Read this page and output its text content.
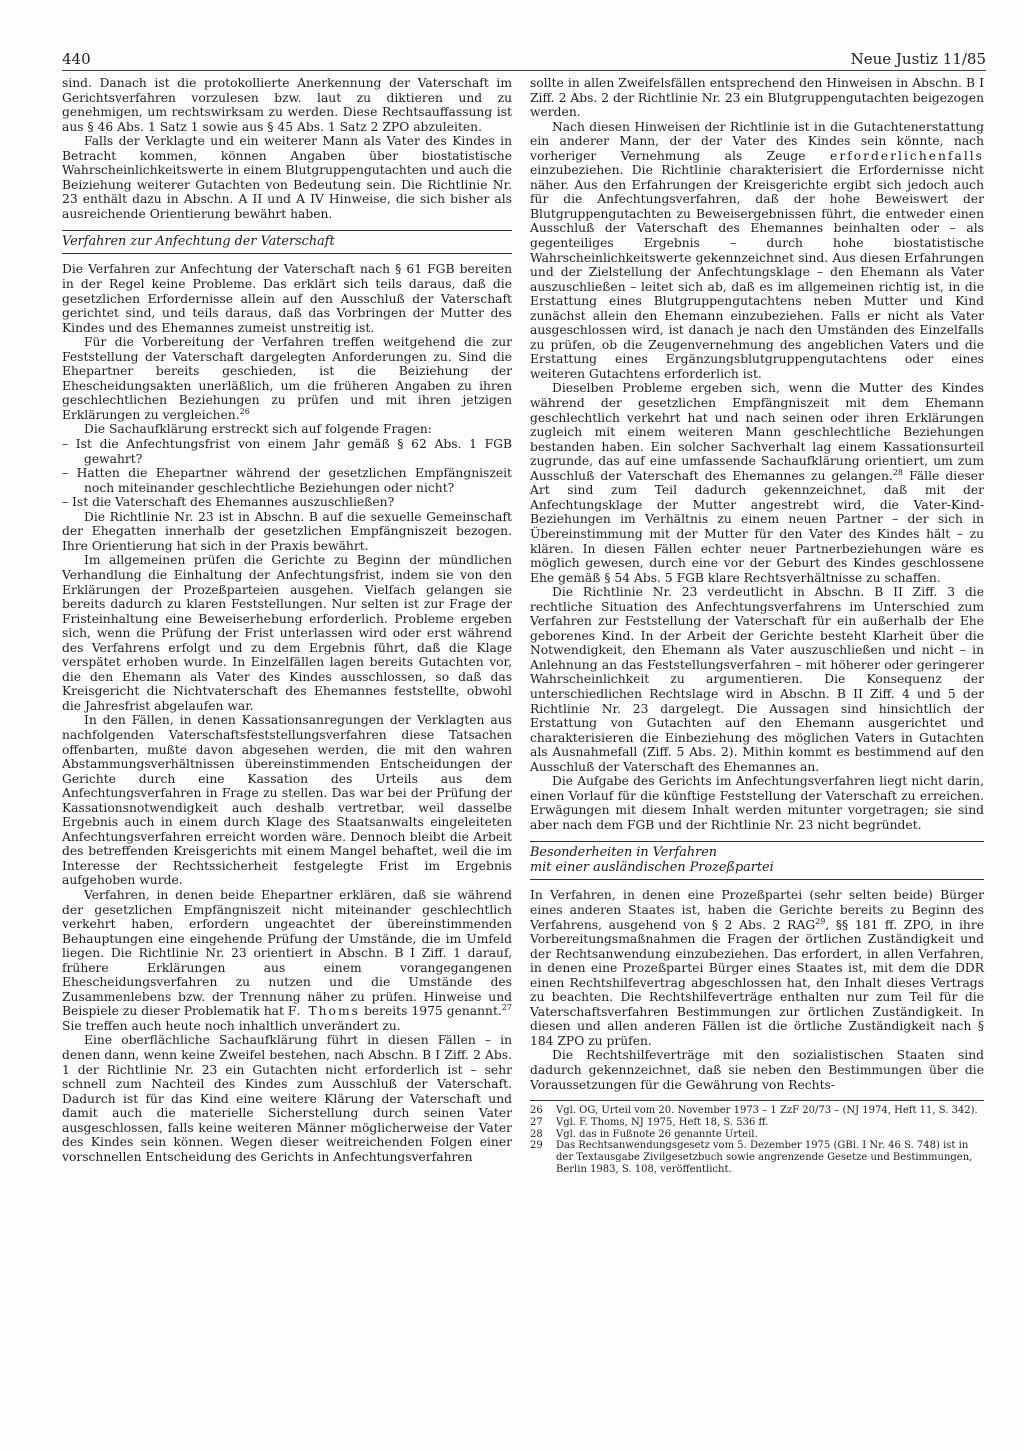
440	Neue Justiz 11/85

sind. Danach ist die protokollierte Anerkennung der Vaterschaft im Gerichtsverfahren vorzulesen bzw. laut zu diktieren und zu genehmigen, um rechtswirksam zu werden. Diese Rechtsauffassung ist aus § 46 Abs. 1 Satz 1 sowie aus § 45 Abs. 1 Satz 2 ZPO abzuleiten.

Falls der Verklagte und ein weiterer Mann als Vater des Kindes in Betracht kommen, können Angaben über biostatistische Wahrscheinlichkeitswerte in einem Blutgruppengutachten und auch die Beiziehung weiterer Gutachten von Bedeutung sein. Die Richtlinie Nr. 23 enthält dazu in Abschn. A II und A IV Hinweise, die sich bisher als ausreichende Orientierung bewährt haben.

Verfahren zur Anfechtung der Vaterschaft

Die Verfahren zur Anfechtung der Vaterschaft nach § 61 FGB bereiten in der Regel keine Probleme. Das erklärt sich teils daraus, daß die gesetzlichen Erfordernisse allein auf den Ausschluß der Vaterschaft gerichtet sind, und teils daraus, daß das Vorbringen der Mutter des Kindes und des Ehemannes zumeist unstreitig ist.

Für die Vorbereitung der Verfahren treffen weitgehend die zur Feststellung der Vaterschaft dargelegten Anforderungen zu. Sind die Ehepartner bereits geschieden, ist die Beiziehung der Ehescheidungsakten unerläßlich, um die früheren Angaben zu ihren geschlechtlichen Beziehungen zu prüfen und mit ihren jetzigen Erklärungen zu vergleichen.$^{26}$

Die Sachaufklärung erstreckt sich auf folgende Fragen:

– Ist die Anfechtungsfrist von einem Jahr gemäß § 62 Abs. 1 FGB gewahrt?

– Hatten die Ehepartner während der gesetzlichen Empfängniszeit noch miteinander geschlechtliche Beziehungen oder nicht?

– Ist die Vaterschaft des Ehemannes auszuschließen?

Die Richtlinie Nr. 23 ist in Abschn. B auf die sexuelle Gemeinschaft der Ehegatten innerhalb der gesetzlichen Empfängniszeit bezogen. Ihre Orientierung hat sich in der Praxis bewährt.

Im allgemeinen prüfen die Gerichte zu Beginn der mündlichen Verhandlung die Einhaltung der Anfechtungsfrist, indem sie von den Erklärungen der Prozeßparteien ausgehen. Vielfach gelangen sie bereits dadurch zu klaren Feststellungen. Nur selten ist zur Frage der Fristeinhaltung eine Beweiserhebung erforderlich. Probleme ergeben sich, wenn die Prüfung der Frist unterlassen wird oder erst während des Verfahrens erfolgt und zu dem Ergebnis führt, daß die Klage verspätet erhoben wurde. In Einzelfällen lagen bereits Gutachten vor, die den Ehemann als Vater des Kindes ausschlossen, so daß das Kreisgericht die Nichtvaterschaft des Ehemannes feststellte, obwohl die Jahresfrist abgelaufen war.

In den Fällen, in denen Kassationsanregungen der Verklagten aus nachfolgenden Vaterschaftsfeststellungsverfahren diese Tatsachen offenbarten, mußte davon abgesehen werden, die mit den wahren Abstammungsverhältnissen übereinstimmenden Entscheidungen der Gerichte durch eine Kassation des Urteils aus dem Anfechtungsverfahren in Frage zu stellen. Das war bei der Prüfung der Kassationsnotwendigkeit auch deshalb vertretbar, weil dasselbe Ergebnis auch in einem durch Klage des Staatsanwalts eingeleiteten Anfechtungsverfahren erreicht worden wäre. Dennoch bleibt die Arbeit des betreffenden Kreisgerichts mit einem Mangel behaftet, weil die im Interesse der Rechtssicherheit festgelegte Frist im Ergebnis aufgehoben wurde.

Verfahren, in denen beide Ehepartner erklären, daß sie während der gesetzlichen Empfängniszeit nicht miteinander geschlechtlich verkehrt haben, erfordern ungeachtet der übereinstimmenden Behauptungen eine eingehende Prüfung der Umstände, die im Umfeld liegen. Die Richtlinie Nr. 23 orientiert in Abschn. B I Ziff. 1 darauf, frühere Erklärungen aus einem vorangegangenen Ehescheidungsverfahren zu nutzen und die Umstände des Zusammenlebens bzw. der Trennung näher zu prüfen. Hinweise und Beispiele zu dieser Problematik hat F. Thoms bereits 1975 genannt.$^{27}$ Sie treffen auch heute noch inhaltlich unverändert zu.

Eine oberflächliche Sachaufklärung führt in diesen Fällen – in denen dann, wenn keine Zweifel bestehen, nach Abschn. B I Ziff. 2 Abs. 1 der Richtlinie Nr. 23 ein Gutachten nicht erforderlich ist – sehr schnell zum Nachteil des Kindes zum Ausschluß der Vaterschaft. Dadurch ist für das Kind eine weitere Klärung der Vaterschaft und damit auch die materielle Sicherstellung durch seinen Vater ausgeschlossen, falls keine weiteren Männer möglicherweise der Vater des Kindes sein können. Wegen dieser weitreichenden Folgen einer vorschnellen Entscheidung des Gerichts in Anfechtungsverfahren

sollte in allen Zweifelsfällen entsprechend den Hinweisen in Abschn. B I Ziff. 2 Abs. 2 der Richtlinie Nr. 23 ein Blutgruppengutachten beigezogen werden.

Nach diesen Hinweisen der Richtlinie ist in die Gutachtenerstattung ein anderer Mann, der der Vater des Kindes sein könnte, nach vorheriger Vernehmung als Zeuge erforderlichenfalls einzubeziehen. Die Richtlinie charakterisiert die Erfordernisse nicht näher. Aus den Erfahrungen der Kreisgerichte ergibt sich jedoch auch für die Anfechtungsverfahren, daß der hohe Beweiswert der Blutgruppengutachten zu Beweisergebnissen führt, die entweder einen Ausschluß der Vaterschaft des Ehemannes beinhalten oder – als gegenteiliges Ergebnis – durch hohe biostatistische Wahrscheinlichkeitswerte gekennzeichnet sind. Aus diesen Erfahrungen und der Zielstellung der Anfechtungsklage – den Ehemann als Vater auszuschließen – leitet sich ab, daß es im allgemeinen richtig ist, in die Erstattung eines Blutgruppengutachtens neben Mutter und Kind zunächst allein den Ehemann einzubeziehen. Falls er nicht als Vater ausgeschlossen wird, ist danach je nach den Umständen des Einzelfalls zu prüfen, ob die Zeugenvernehmung des angeblichen Vaters und die Erstattung eines Ergänzungsblutgruppengutachtens oder eines weiteren Gutachtens erforderlich ist.

Dieselben Probleme ergeben sich, wenn die Mutter des Kindes während der gesetzlichen Empfängniszeit mit dem Ehemann geschlechtlich verkehrt hat und nach seinen oder ihren Erklärungen zugleich mit einem weiteren Mann geschlechtliche Beziehungen bestanden haben. Ein solcher Sachverhalt lag einem Kassationsurteil zugrunde, das auf eine umfassende Sachaufklärung orientiert, um zum Ausschluß der Vaterschaft des Ehemannes zu gelangen.$^{28}$ Fälle dieser Art sind zum Teil dadurch gekennzeichnet, daß mit der Anfechtungsklage der Mutter angestrebt wird, die Vater-Kind-Beziehungen im Verhältnis zu einem neuen Partner – der sich in Übereinstimmung mit der Mutter für den Vater des Kindes hält – zu klären. In diesen Fällen echter neuer Partnerbeziehungen wäre es möglich gewesen, durch eine vor der Geburt des Kindes geschlossene Ehe gemäß § 54 Abs. 5 FGB klare Rechtsverhältnisse zu schaffen.

Die Richtlinie Nr. 23 verdeutlicht in Abschn. B II Ziff. 3 die rechtliche Situation des Anfechtungsverfahrens im Unterschied zum Verfahren zur Feststellung der Vaterschaft für ein außerhalb der Ehe geborenes Kind. In der Arbeit der Gerichte besteht Klarheit über die Notwendigkeit, den Ehemann als Vater auszuschließen und nicht – in Anlehnung an das Feststellungsverfahren – mit höherer oder geringerer Wahrscheinlichkeit zu argumentieren. Die Konsequenz der unterschiedlichen Rechtslage wird in Abschn. B II Ziff. 4 und 5 der Richtlinie Nr. 23 dargelegt. Die Aussagen sind hinsichtlich der Erstattung von Gutachten auf den Ehemann ausgerichtet und charakterisieren die Einbeziehung des möglichen Vaters in Gutachten als Ausnahmefall (Ziff. 5 Abs. 2). Mithin kommt es bestimmend auf den Ausschluß der Vaterschaft des Ehemannes an.

Die Aufgabe des Gerichts im Anfechtungsverfahren liegt nicht darin, einen Vorlauf für die künftige Feststellung der Vaterschaft zu erreichen. Erwägungen mit diesem Inhalt werden mitunter vorgetragen; sie sind aber nach dem FGB und der Richtlinie Nr. 23 nicht begründet.

Besonderheiten in Verfahren
mit einer ausländischen Prozeßpartei

In Verfahren, in denen eine Prozeßpartei (sehr selten beide) Bürger eines anderen Staates ist, haben die Gerichte bereits zu Beginn des Verfahrens, ausgehend von § 2 Abs. 2 RAG$^{29}$, §§ 181 ff. ZPO, in ihre Vorbereitungsmaßnahmen die Fragen der örtlichen Zuständigkeit und der Rechtsanwendung einzubeziehen. Das erfordert, in allen Verfahren, in denen eine Prozeßpartei Bürger eines Staates ist, mit dem die DDR einen Rechtshilfevertrag abgeschlossen hat, den Inhalt dieses Vertrags zu beachten. Die Rechtshilfeverträge enthalten nur zum Teil für die Vaterschaftsverfahren Bestimmungen zur örtlichen Zuständigkeit. In diesen und allen anderen Fällen ist die örtliche Zuständigkeit nach § 184 ZPO zu prüfen.

Die Rechtshilfeverträge mit den sozialistischen Staaten sind dadurch gekennzeichnet, daß sie neben den Bestimmungen über die Voraussetzungen für die Gewährung von Rechts-

26	Vgl. OG, Urteil vom 20. November 1973 – 1 ZzF 20/73 – (NJ 1974, Heft 11, S. 342).
27	Vgl. F. Thoms, NJ 1975, Heft 18, S. 536 ff.
28	Vgl. das in Fußnote 26 genannte Urteil.
29	Das Rechtsanwendungsgesetz vom 5. Dezember 1975 (GBl. I Nr. 46 S. 748) ist in der Textausgabe Zivilgesetzbuch sowie angrenzende Gesetze und Bestimmungen, Berlin 1983, S. 108, veröffentlicht.
